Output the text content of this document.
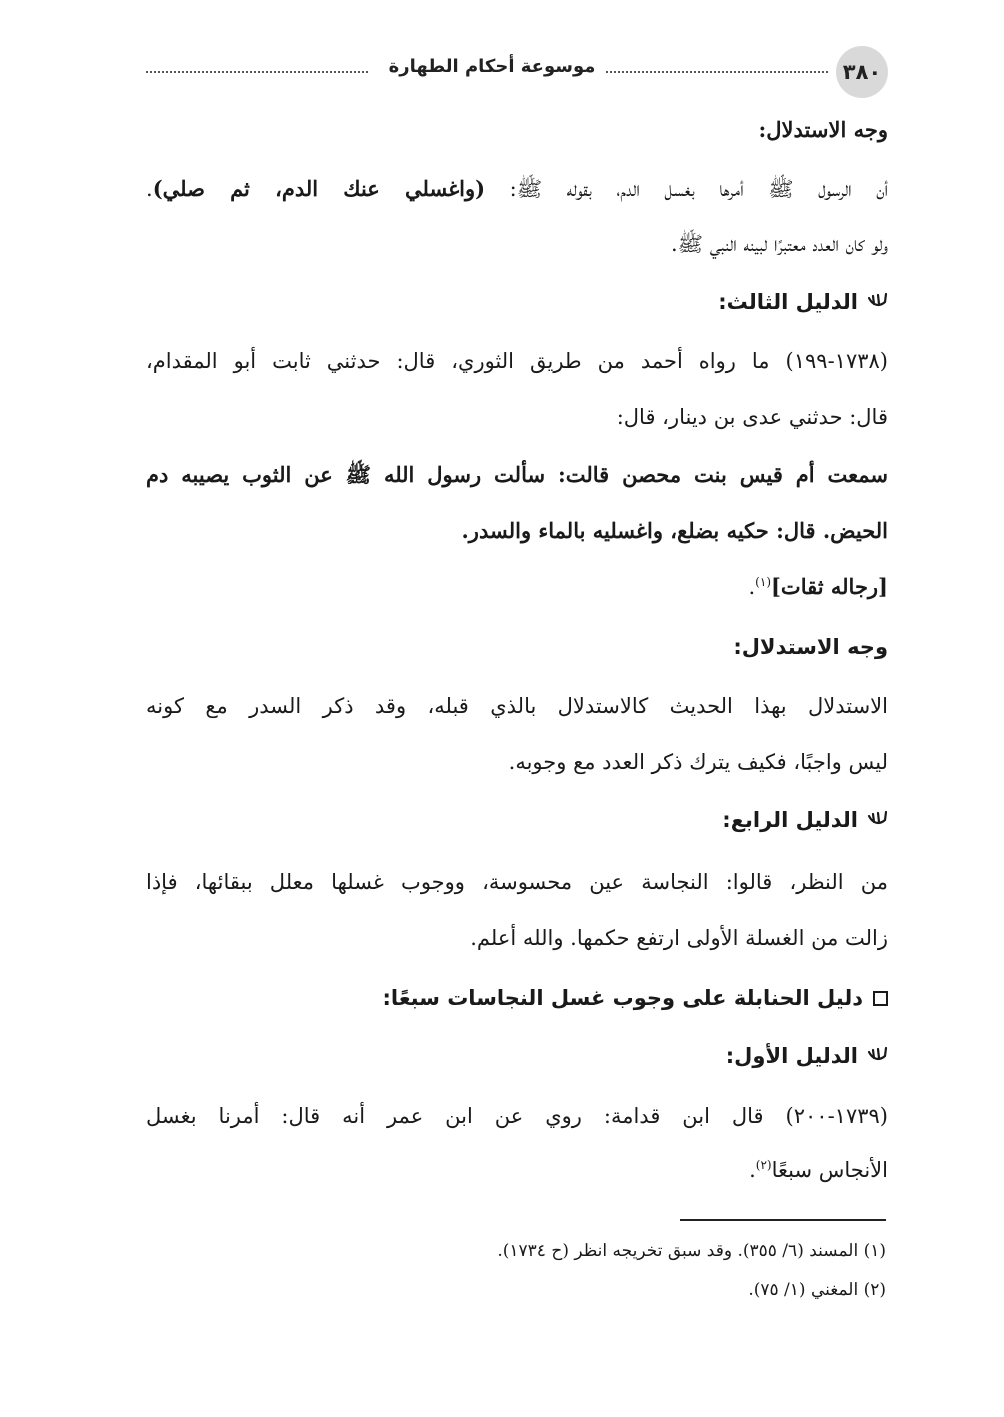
موسوعة أحكام الطهارة	٣٨٠
وجه الاستدلال:
أن الرسول ﷺ أمرها بغسل الدم، بقوله ﷺ: (واغسلي عنك الدم، ثم صلي).
ولو كان العدد معتبرًا لبينه النبي ﷺ.
الدليل الثالث:
(١٧٣٨-١٩٩) ما رواه أحمد من طريق الثوري، قال: حدثني ثابت أبو المقدام،
قال: حدثني عدى بن دينار، قال:
سمعت أم قيس بنت محصن قالت: سألت رسول الله ﷺ عن الثوب يصيبه دم
الحيض. قال: حكيه بضلع، واغسليه بالماء والسدر.
[رجاله ثقات]$^{(١)}$.
وجه الاستدلال:
الاستدلال بهذا الحديث كالاستدلال بالذي قبله، وقد ذكر السدر مع كونه
ليس واجبًا، فكيف يترك ذكر العدد مع وجوبه.
الدليل الرابع:
من النظر، قالوا: النجاسة عين محسوسة، ووجوب غسلها معلل ببقائها، فإذا
زالت من الغسلة الأولى ارتفع حكمها. والله أعلم.
دليل الحنابلة على وجوب غسل النجاسات سبعًا:
الدليل الأول:
(١٧٣٩-٢٠٠) قال ابن قدامة: روي عن ابن عمر أنه قال: أمرنا بغسل
الأنجاس سبعًا$^{(٢)}$.
(١) المسند (٦/ ٣٥٥). وقد سبق تخريجه انظر (ح ١٧٣٤).
(٢) المغني (١/ ٧٥).
